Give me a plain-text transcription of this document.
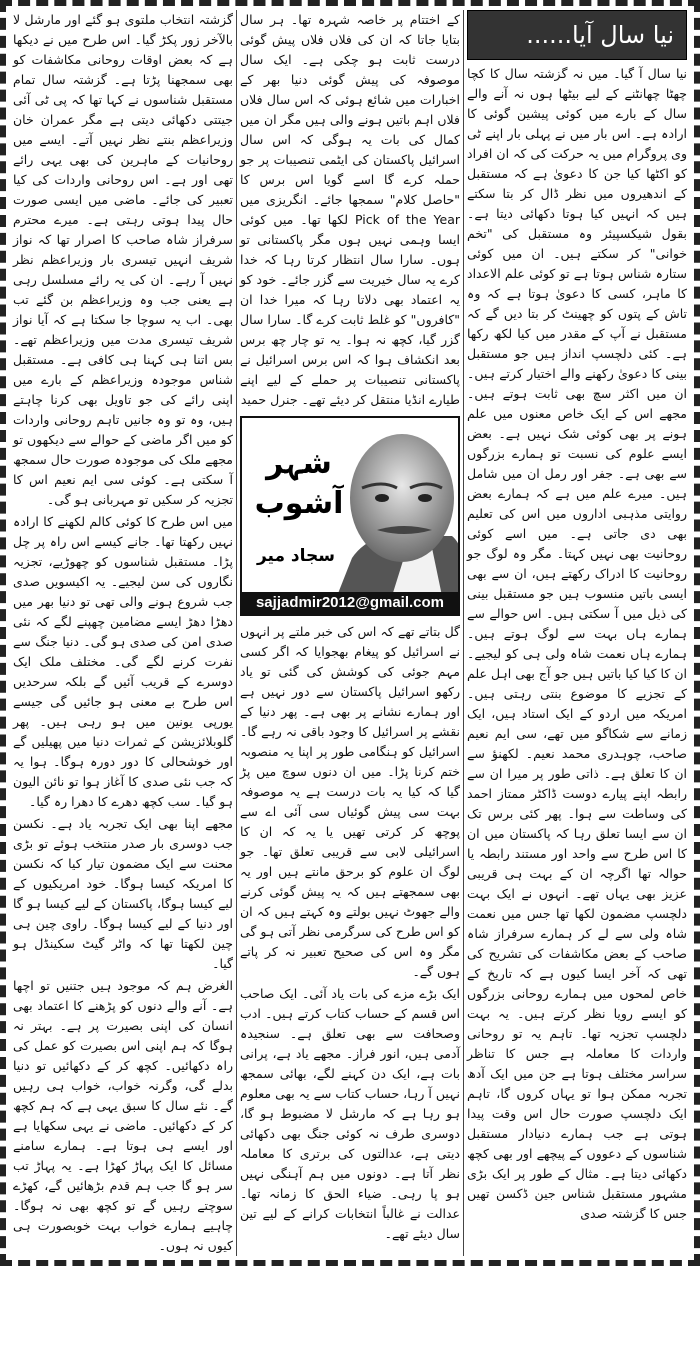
نیا سال آیا......

نیا سال آ گیا۔ میں نہ گزشتہ سال کا کچا چھٹا چھانٹنے کے لیے بیٹھا ہوں نہ آنے والے سال کے بارے میں کوئی پیشین گوئی کا ارادہ ہے۔ اس بار میں نے پہلی بار اپنے ٹی وی پروگرام میں یہ حرکت کی کہ ان افراد کو اکٹھا کیا جن کا دعویٰ ہے کہ مستقبل کے اندھیروں میں نظر ڈال کر بتا سکتے ہیں کہ انہیں کیا ہوتا دکھائی دیتا ہے۔ بقول شیکسپیئر وہ مستقبل کی "تخم خوانی" کر سکتے ہیں۔ ان میں کوئی ستارہ شناس ہوتا ہے تو کوئی علم الاعداد کا ماہر، کسی کا دعویٰ ہوتا ہے کہ وہ تاش کے پتوں کو چھینٹ کر بتا دیں گے کہ مستقبل نے آپ کے مقدر میں کیا لکھ رکھا ہے۔ کئی دلچسپ انداز ہیں جو مستقبل بینی کا دعویٰ رکھنے والے اختیار کرتے ہیں۔ ان میں اکثر سچ بھی ثابت ہوتے ہیں۔ مجھے اس کے ایک خاص معنوں میں علم ہونے پر بھی کوئی شک نہیں ہے۔ بعض ایسے علوم کی نسبت تو ہمارے بزرگوں سے بھی ہے۔ جفر اور رمل ان میں شامل ہیں۔ میرے علم میں ہے کہ ہمارے بعض روایتی مذہبی اداروں میں اس کی تعلیم بھی دی جاتی ہے۔ میں اسے کوئی روحانیت بھی نہیں کہتا۔ مگر وہ لوگ جو روحانیت کا ادراک رکھتے ہیں، ان سے بھی ایسی باتیں منسوب ہیں جو مستقبل بینی کی ذیل میں آ سکتی ہیں۔ اس حوالے سے ہمارے ہاں بہت سے لوگ ہوتے ہیں۔ ہمارے ہاں نعمت شاہ ولی ہی کو لیجیے۔ ان کا کیا کیا باتیں ہیں جو آج بھی اہل علم کے تجزیے کا موضوع بنتی رہتی ہیں۔ امریکہ میں اردو کے ایک استاد ہیں، ایک زمانے سے شکاگو میں تھے، سی ایم نعیم صاحب، چوہدری محمد نعیم۔ لکھنؤ سے ان کا تعلق ہے۔ ذاتی طور پر میرا ان سے رابطہ اپنے پیارے دوست ڈاکٹر ممتاز احمد کی وساطت سے ہوا۔ پھر کئی برس تک ان سے ایسا تعلق رہا کہ پاکستان میں ان کا اس طرح سے واحد اور مستند رابطہ یا حوالہ تھا اگرچہ ان کے بہت ہی قریبی عزیز بھی یہاں تھے۔ انہوں نے ایک بہت دلچسپ مضمون لکھا تھا جس میں نعمت شاہ ولی سے لے کر ہمارے سرفراز شاہ صاحب کے بعض مکاشفات کی تشریح کی تھی کہ آخر ایسا کیوں ہے کہ تاریخ کے خاص لمحوں میں ہمارے روحانی بزرگوں کو ایسے رویا نظر کرتے ہیں۔ یہ بہت دلچسپ تجزیہ تھا۔ تاہم یہ تو روحانی واردات کا معاملہ ہے جس کا تناظر سراسر مختلف ہوتا ہے جن میں ایک آدھ تجربہ ممکن ہوا تو یہاں کروں گا، تاہم ایک دلچسپ صورت حال اس وقت پیدا ہوتی ہے جب ہمارے دنیادار مستقبل شناسوں کے دعووں کے پیچھے اور بھی کچھ دکھائی دیتا ہے۔ مثال کے طور پر ایک بڑی مشہور مستقبل شناس جین ڈکسن تھیں جس کا گزشتہ صدی

کے اختتام پر خاصہ شہرہ تھا۔ ہر سال بتایا جاتا کہ ان کی فلاں فلاں پیش گوئی درست ثابت ہو چکی ہے۔ ایک سال موصوفہ کی پیش گوئی دنیا بھر کے اخبارات میں شائع ہوئی کہ اس سال فلاں فلاں اہم باتیں ہونے والی ہیں مگر ان میں کمال کی بات یہ ہوگی کہ اس سال اسرائیل پاکستان کی ایٹمی تنصیبات پر جو حملہ کرے گا اسے گویا اس برس کا "حاصل کلام" سمجھا جائے۔ انگریزی میں Pick of the Year لکھا تھا۔ میں کوئی ایسا وہمی نہیں ہوں مگر پاکستانی تو ہوں۔ سارا سال انتظار کرتا رہا کہ خدا کرے یہ سال خیریت سے گزر جائے۔ خود کو یہ اعتماد بھی دلاتا رہا کہ میرا خدا ان "کافروں" کو غلط ثابت کرے گا۔ سارا سال گزر گیا، کچھ نہ ہوا۔ یہ تو چار چھ برس بعد انکشاف ہوا کہ اس برس اسرائیل نے پاکستانی تنصیبات پر حملے کے لیے اپنے طیارے انڈیا منتقل کر دیئے تھے۔ جنرل حمید

شہر آشوب
سجاد میر
sajjadmir2012@gmail.com

گل بتاتے تھے کہ اس کی خبر ملتے پر انہوں نے اسرائیل کو پیغام بھجوایا کہ اگر کسی مہم جوئی کی کوشش کی گئی تو یاد رکھو اسرائیل پاکستان سے دور نہیں ہے اور ہمارے نشانے پر بھی ہے۔ پھر دنیا کے نقشے پر اسرائیل کا وجود باقی نہ رہے گا۔ اسرائیل کو ہنگامی طور پر اپنا یہ منصوبہ ختم کرنا پڑا۔ میں ان دنوں سوچ میں پڑ گیا کہ کیا یہ بات درست ہے یہ موصوفہ بہت سی پیش گوئیاں سی آئی اے سے پوچھ کر کرتی تھیں یا یہ کہ ان کا اسرائیلی لابی سے قریبی تعلق تھا۔ جو لوگ ان علوم کو برحق مانتے ہیں اور یہ بھی سمجھتے ہیں کہ یہ پیش گوئی کرنے والے جھوٹ نہیں بولتے وہ کہتے ہیں کہ ان کو اس طرح کی سرگرمی نظر آتی ہو گی مگر وہ اس کی صحیح تعبیر نہ کر پاتے ہوں گے۔

ایک بڑے مزے کی بات یاد آئی۔ ایک صاحب اس قسم کے حساب کتاب کرتے ہیں۔ ادب وصحافت سے بھی تعلق ہے۔ سنجیدہ آدمی ہیں، انور فراز۔ مجھے یاد ہے، پرانی بات ہے، ایک دن کہنے لگے، بھائی سمجھ نہیں آ رہا، حساب کتاب سے یہ بھی معلوم ہو رہا ہے کہ مارشل لا مضبوط ہو گا، دوسری طرف نہ کوئی جنگ بھی دکھائی دیتی ہے، عدالتوں کی برتری کا معاملہ نظر آتا ہے۔ دونوں میں ہم آہنگی نہیں ہو پا رہی۔ ضیاء الحق کا زمانہ تھا۔ عدالت نے غالباً انتخابات کرانے کے لیے تین سال دیئے تھے۔

گزشتہ انتخاب ملتوی ہو گئے اور مارشل لا بالآخر زور پکڑ گیا۔ اس طرح میں نے دیکھا ہے کہ بعض اوقات روحانی مکاشفات کو بھی سمجھنا پڑتا ہے۔ گزشتہ سال تمام مستقبل شناسوں نے کہا تھا کہ پی ٹی آئی جیتتی دکھائی دیتی ہے مگر عمران خان وزیراعظم بنتے نظر نہیں آتے۔ ایسے میں روحانیات کے ماہرین کی بھی یہی رائے تھی اور ہے۔ اس روحانی واردات کی کیا تعبیر کی جائے۔ ماضی میں ایسی صورت حال پیدا ہوتی رہتی ہے۔ میرے محترم سرفراز شاہ صاحب کا اصرار تھا کہ نواز شریف انہیں تیسری بار وزیراعظم نظر نہیں آ رہے۔ ان کی یہ رائے مسلسل رہی ہے یعنی جب وہ وزیراعظم بن گئے تب بھی۔ اب یہ سوچا جا سکتا ہے کہ آیا نواز شریف تیسری مدت میں وزیراعظم تھے۔ بس اتنا ہی کہنا ہی کافی ہے۔ مستقبل شناس موجودہ وزیراعظم کے بارے میں اپنی رائے کی جو تاویل بھی کرنا چاہتے ہیں، وہ تو وہ جانیں تاہم روحانی واردات کو میں اگر ماضی کے حوالے سے دیکھوں تو مجھے ملک کی موجودہ صورت حال سمجھ آ سکتی ہے۔ کوئی سی ایم نعیم اس کا تجزیہ کر سکیں تو مہربانی ہو گی۔

میں اس طرح کا کوئی کالم لکھنے کا ارادہ نہیں رکھتا تھا۔ جانے کیسے اس راہ پر چل پڑا۔ مستقبل شناسوں کو چھوڑیے، تجزیہ نگاروں کی سن لیجیے۔ یہ اکیسویں صدی جب شروع ہونے والی تھی تو دنیا بھر میں دھڑا دھڑ ایسے مضامین چھپنے لگے کہ نئی صدی امن کی صدی ہو گی۔ دنیا جنگ سے نفرت کرنے لگے گی۔ مختلف ملک ایک دوسرے کے قریب آئیں گے بلکہ سرحدیں اس طرح بے معنی ہو جائیں گی جیسے یورپی یونین میں ہو رہی ہیں۔ پھر گلوبلائزیشن کے ثمرات دنیا میں پھیلیں گے اور خوشحالی کا دور دورہ ہوگا۔ ہوا یہ کہ جب نئی صدی کا آغاز ہوا تو نائن الیون ہو گیا۔ سب کچھ دھرے کا دھرا رہ گیا۔

مجھے اپنا بھی ایک تجربہ یاد ہے۔ نکسن جب دوسری بار صدر منتخب ہوئے تو بڑی محنت سے ایک مضمون تیار کیا کہ نکسن کا امریکہ کیسا ہوگا۔ خود امریکیوں کے لیے کیسا ہوگا، پاکستان کے لیے کیسا ہو گا اور دنیا کے لیے کیسا ہوگا۔ راوی چین ہی چین لکھتا تھا کہ واٹر گیٹ سکینڈل ہو گیا۔

الغرض ہم کہ موجود ہیں جتنیں تو اچھا ہے۔ آنے والے دنوں کو پڑھنے کا اعتماد بھی انسان کی اپنی بصیرت پر ہے۔ بہتر نہ ہوگا کہ ہم اپنی اس بصیرت کو عمل کی راہ دکھائیں۔ کچھ کر کے دکھائیں تو دنیا بدلے گی، وگرنہ خواب، خواب ہی رہیں گے۔ نئے سال کا سبق یہی ہے کہ ہم کچھ کر کے دکھائیں۔ ماضی نے یہی سکھایا ہے اور ایسے ہی ہوتا ہے۔ ہمارے سامنے مسائل کا ایک پہاڑ کھڑا ہے۔ یہ پہاڑ تب سر ہو گا جب ہم قدم بڑھائیں گے، کھڑے سوچتے رہیں گے تو کچھ بھی نہ ہوگا۔ چاہیے ہمارے خواب بہت خوبصورت ہی کیوں نہ ہوں۔
